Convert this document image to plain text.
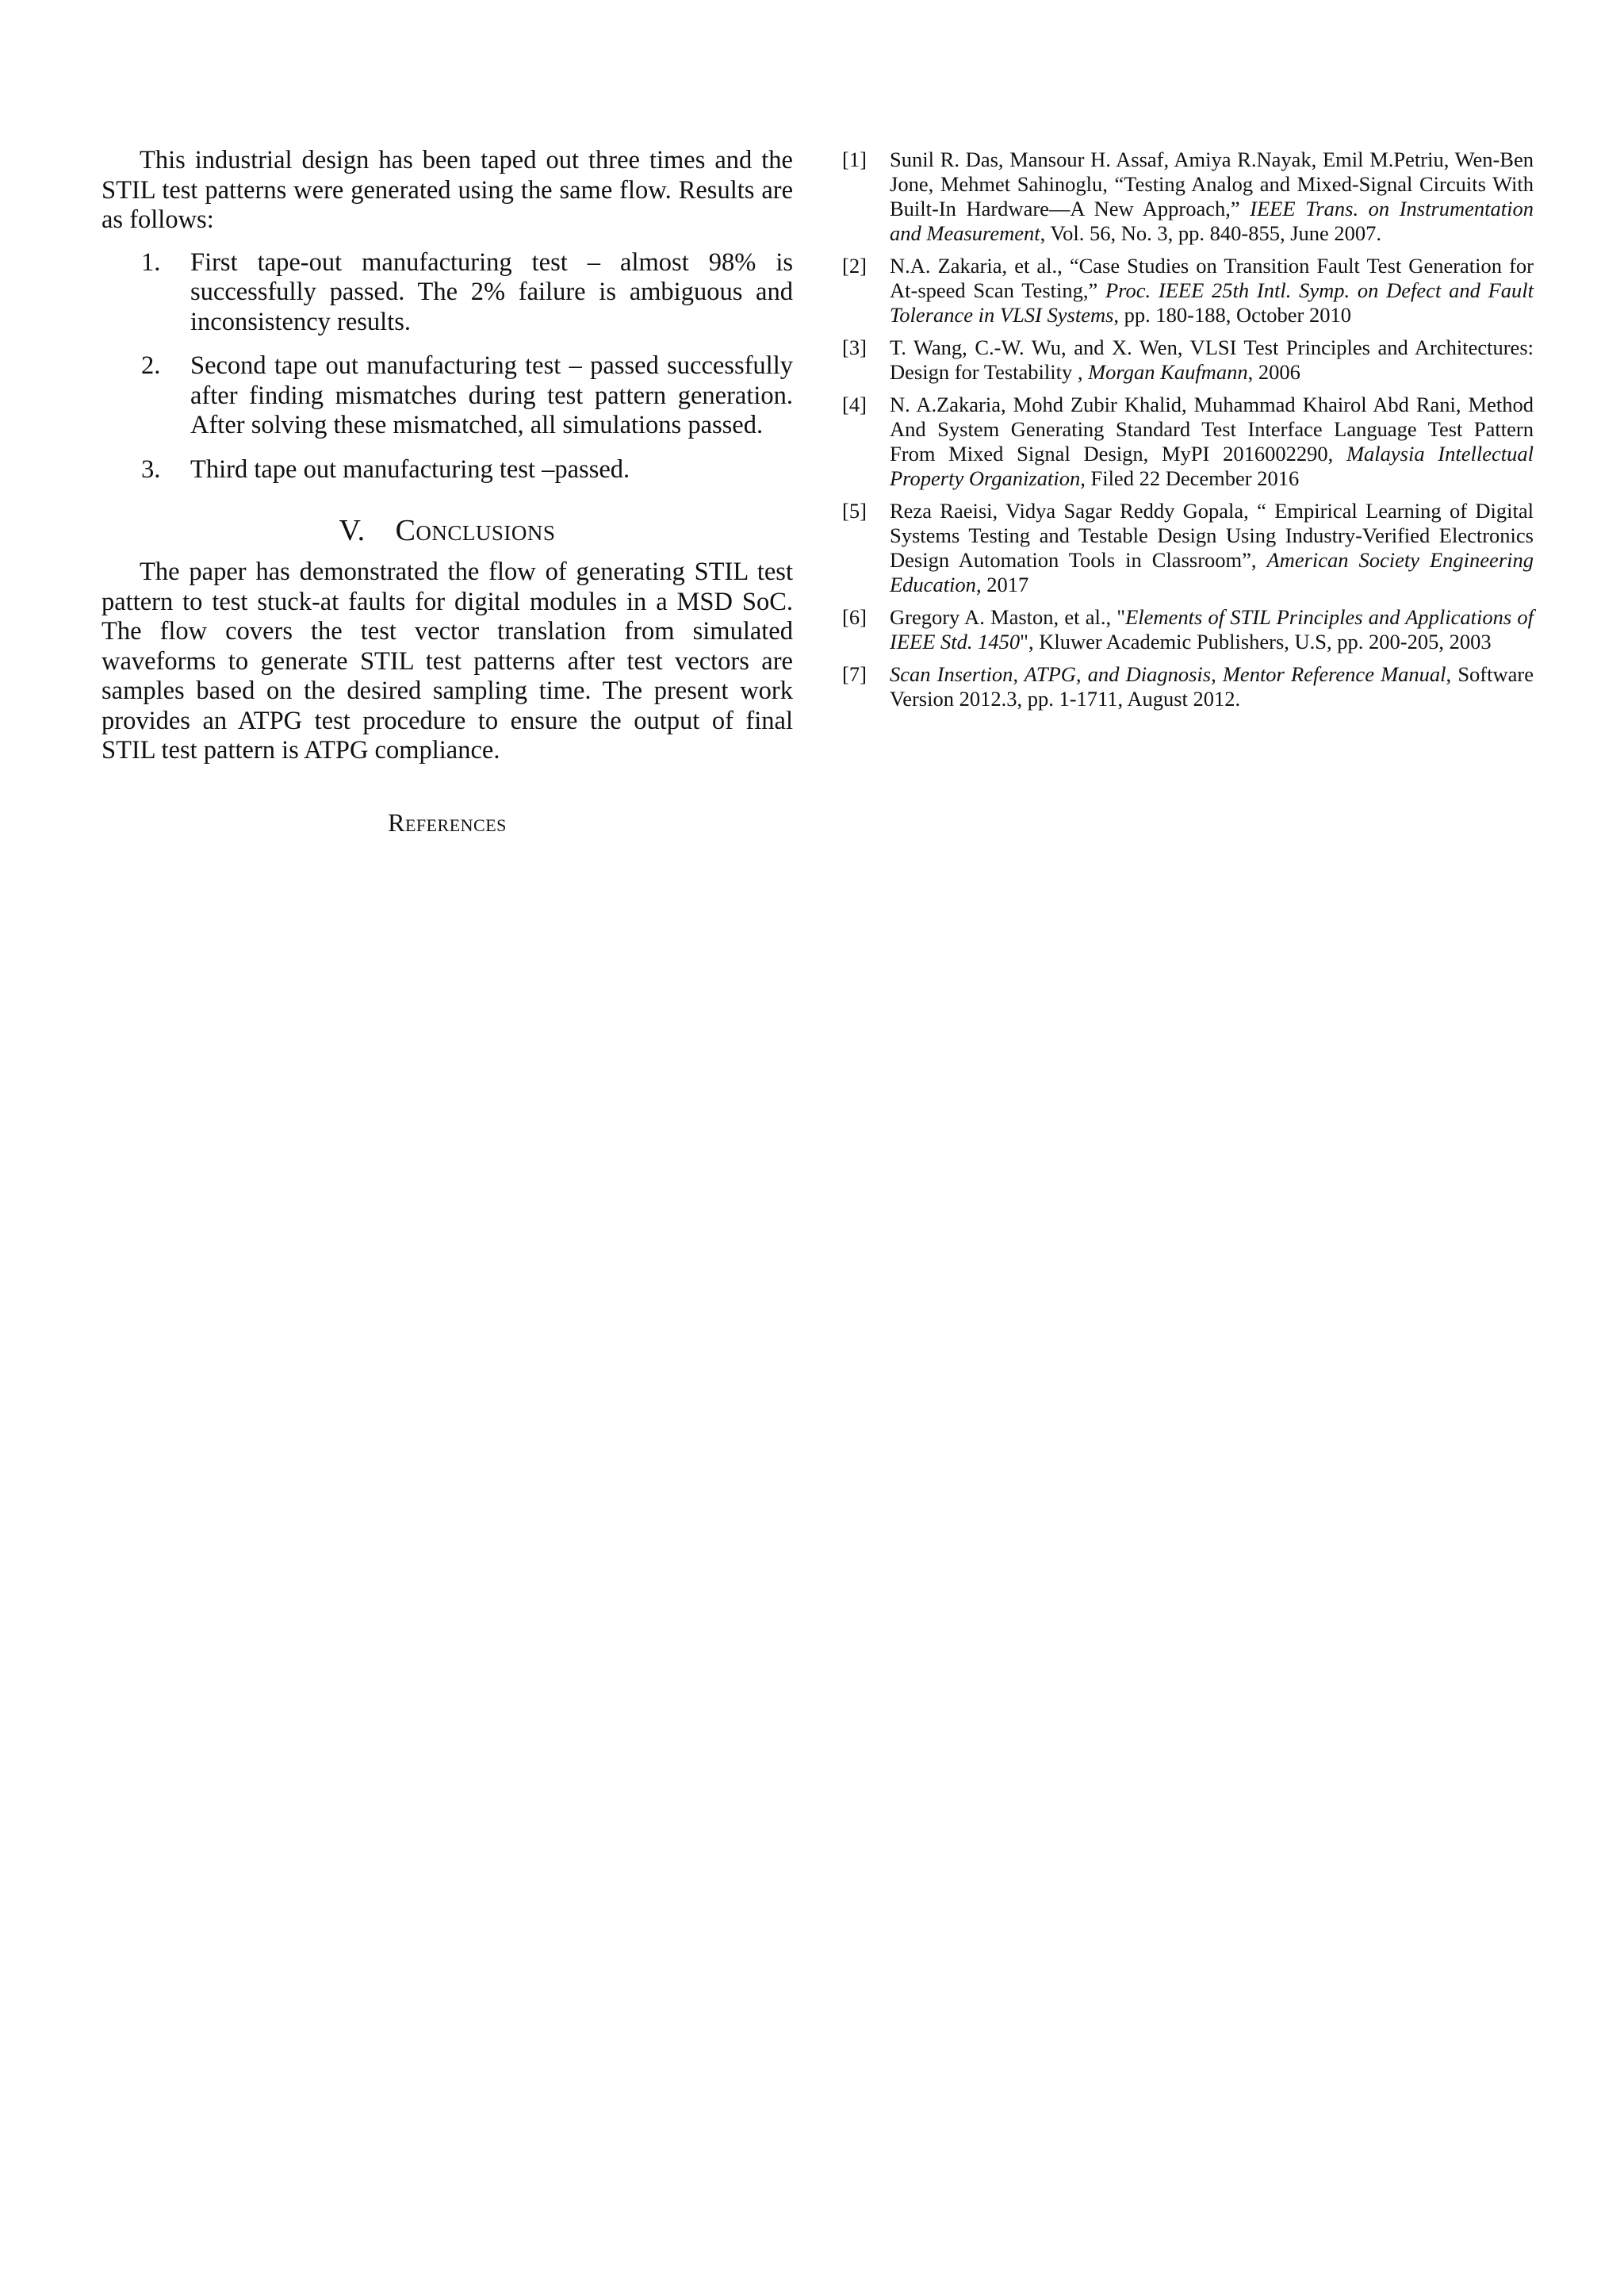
This industrial design has been taped out three times and the STIL test patterns were generated using the same flow. Results are as follows:

1. First tape-out manufacturing test – almost 98% is successfully passed. The 2% failure is ambiguous and inconsistency results.
2. Second tape out manufacturing test – passed successfully after finding mismatches during test pattern generation. After solving these mismatched, all simulations passed.
3. Third tape out manufacturing test –passed.
V. Conclusions

The paper has demonstrated the flow of generating STIL test pattern to test stuck-at faults for digital modules in a MSD SoC. The flow covers the test vector translation from simulated waveforms to generate STIL test patterns after test vectors are samples based on the desired sampling time. The present work provides an ATPG test procedure to ensure the output of final STIL test pattern is ATPG compliance.

References
[1] Sunil R. Das, Mansour H. Assaf, Amiya R.Nayak, Emil M.Petriu, Wen-Ben Jone, Mehmet Sahinoglu, “Testing Analog and Mixed-Signal Circuits With Built-In Hardware—A New Approach,” IEEE Trans. on Instrumentation and Measurement, Vol. 56, No. 3, pp. 840-855, June 2007.
[2] N.A. Zakaria, et al., “Case Studies on Transition Fault Test Generation for At-speed Scan Testing,” Proc. IEEE 25th Intl. Symp. on Defect and Fault Tolerance in VLSI Systems, pp. 180-188, October 2010
[3] T. Wang, C.-W. Wu, and X. Wen, VLSI Test Principles and Architectures: Design for Testability , Morgan Kaufmann, 2006
[4] N. A.Zakaria, Mohd Zubir Khalid, Muhammad Khairol Abd Rani, Method And System Generating Standard Test Interface Language Test Pattern From Mixed Signal Design, MyPI 2016002290, Malaysia Intellectual Property Organization, Filed 22 December 2016
[5] Reza Raeisi, Vidya Sagar Reddy Gopala, “ Empirical Learning of Digital Systems Testing and Testable Design Using Industry-Verified Electronics Design Automation Tools in Classroom”, American Society Engineering Education, 2017
[6] Gregory A. Maston, et al., "Elements of STIL Principles and Applications of IEEE Std. 1450", Kluwer Academic Publishers, U.S, pp. 200-205, 2003
[7] Scan Insertion, ATPG, and Diagnosis, Mentor Reference Manual, Software Version 2012.3, pp. 1-1711, August 2012.
